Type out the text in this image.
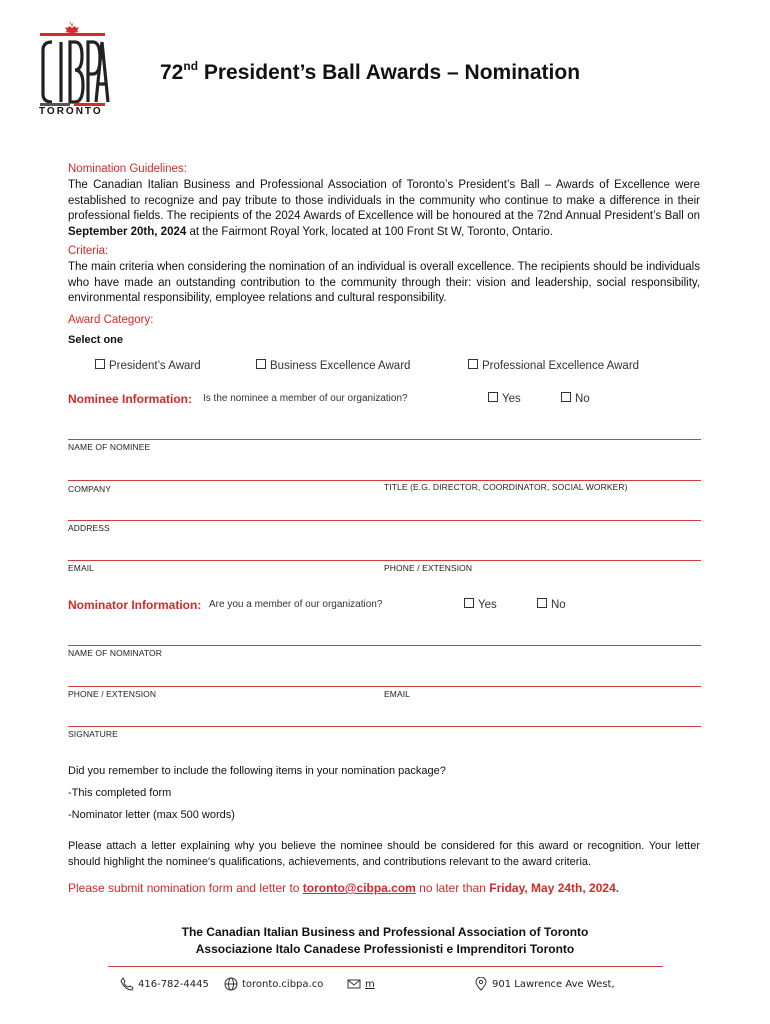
TORONTO
72nd President’s Ball Awards – Nomination
Nomination Guidelines:
The Canadian Italian Business and Professional Association of Toronto’s President’s Ball – Awards of Excellence were established to recognize and pay tribute to those individuals in the community who continue to make a difference in their professional fields. The recipients of the 2024 Awards of Excellence will be honoured at the 72nd Annual President’s Ball on September 20th, 2024 at the Fairmont Royal York, located at 100 Front St W, Toronto, Ontario.
Criteria:
The main criteria when considering the nomination of an individual is overall excellence. The recipients should be individuals who have made an outstanding contribution to the community through their: vision and leadership, social responsibility, environmental responsibility, employee relations and cultural responsibility.
Award Category:
Select one
President’s Award	Business Excellence Award	Professional Excellence Award
Nominee Information: Is the nominee a member of our organization?	Yes	No
NAME OF NOMINEE
COMPANY	TITLE (E.G. DIRECTOR, COORDINATOR, SOCIAL WORKER)
ADDRESS
EMAIL	PHONE / EXTENSION
Nominator Information: Are you a member of our organization?	Yes	No
NAME OF NOMINATOR
PHONE / EXTENSION	EMAIL
SIGNATURE
Did you remember to include the following items in your nomination package?
-This completed form
-Nominator letter (max 500 words)
Please attach a letter explaining why you believe the nominee should be considered for this award or recognition. Your letter should highlight the nominee's qualifications, achievements, and contributions relevant to the award criteria.
Please submit nomination form and letter to toronto@cibpa.com no later than Friday, May 24th, 2024.
The Canadian Italian Business and Professional Association of Toronto
Associazione Italo Canadese Professionisti e Imprenditori Toronto
416-782-4445	toronto.cibpa.co	m	901 Lawrence Ave West,
